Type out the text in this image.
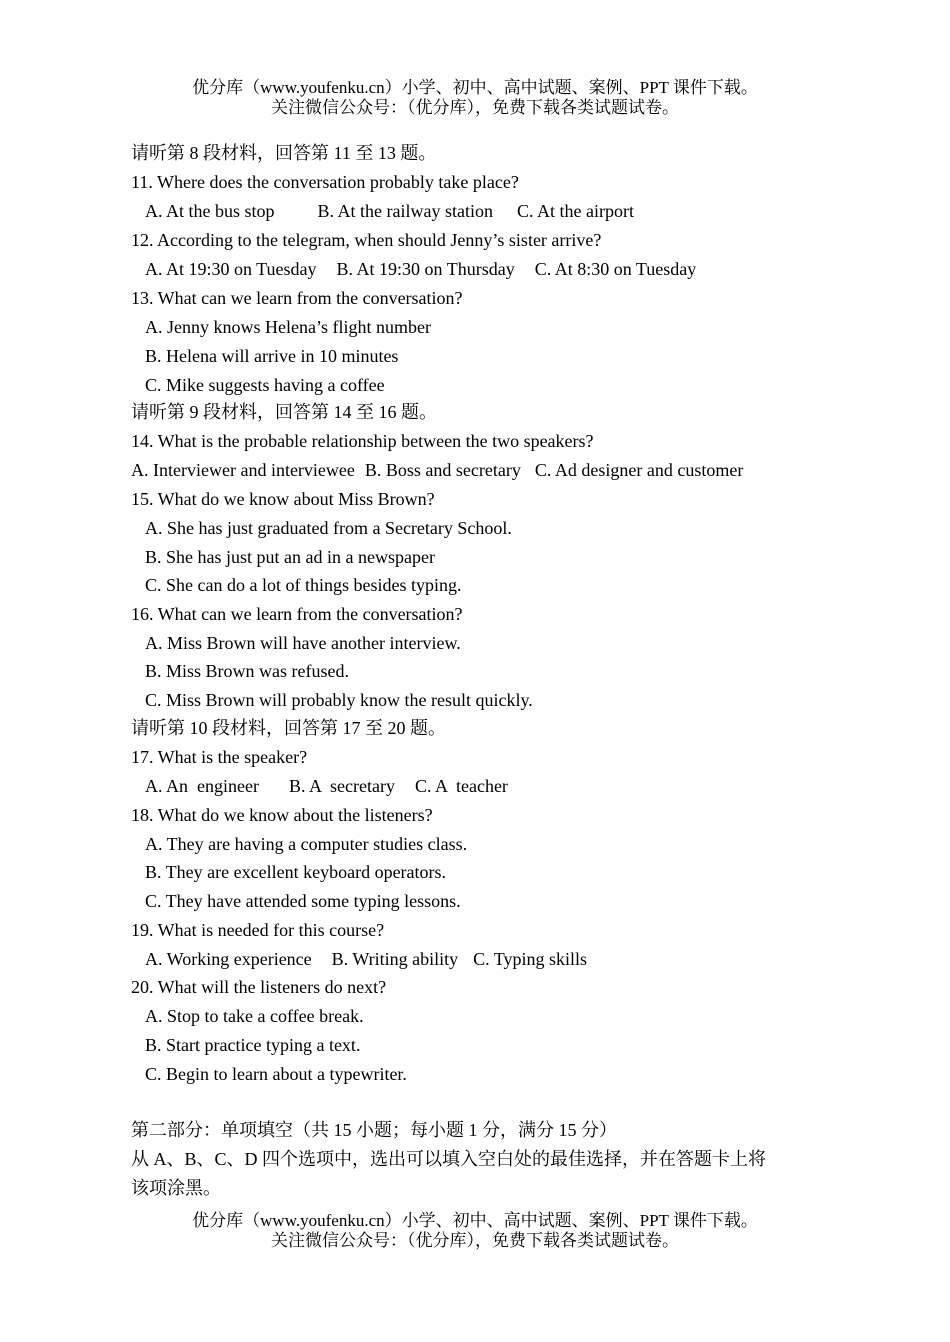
优分库（www.youfenku.cn）小学、初中、高中试题、案例、PPT 课件下载。
关注微信公众号：（优分库），免费下载各类试题试卷。
请听第 8 段材料，回答第 11 至 13 题。
11. Where does the conversation probably take place?
A. At the bus stop B. At the railway station C. At the airport
12. According to the telegram, when should Jenny’s sister arrive?
A. At 19:30 on Tuesday B. At 19:30 on Thursday C. At 8:30 on Tuesday
13. What can we learn from the conversation?
A. Jenny knows Helena’s flight number
B. Helena will arrive in 10 minutes
C. Mike suggests having a coffee
请听第 9 段材料，回答第 14 至 16 题。
14. What is the probable relationship between the two speakers?
A. Interviewer and interviewee B. Boss and secretary C. Ad designer and customer
15. What do we know about Miss Brown?
A. She has just graduated from a Secretary School.
B. She has just put an ad in a newspaper
C. She can do a lot of things besides typing.
16. What can we learn from the conversation?
A. Miss Brown will have another interview.
B. Miss Brown was refused.
C. Miss Brown will probably know the result quickly.
请听第 10 段材料，回答第 17 至 20 题。
17. What is the speaker?
A. An  engineer B. A  secretary C. A  teacher
18. What do we know about the listeners?
A. They are having a computer studies class.
B. They are excellent keyboard operators.
C. They have attended some typing lessons.
19. What is needed for this course?
A. Working experience B. Writing ability C. Typing skills
20. What will the listeners do next?
A. Stop to take a coffee break.
B. Start practice typing a text.
C. Begin to learn about a typewriter.
第二部分：单项填空（共 15 小题；每小题 1 分，满分 15 分）
从 A、B、C、D 四个选项中，选出可以填入空白处的最佳选择，并在答题卡上将
该项涂黑。
优分库（www.youfenku.cn）小学、初中、高中试题、案例、PPT 课件下载。
关注微信公众号：（优分库），免费下载各类试题试卷。
